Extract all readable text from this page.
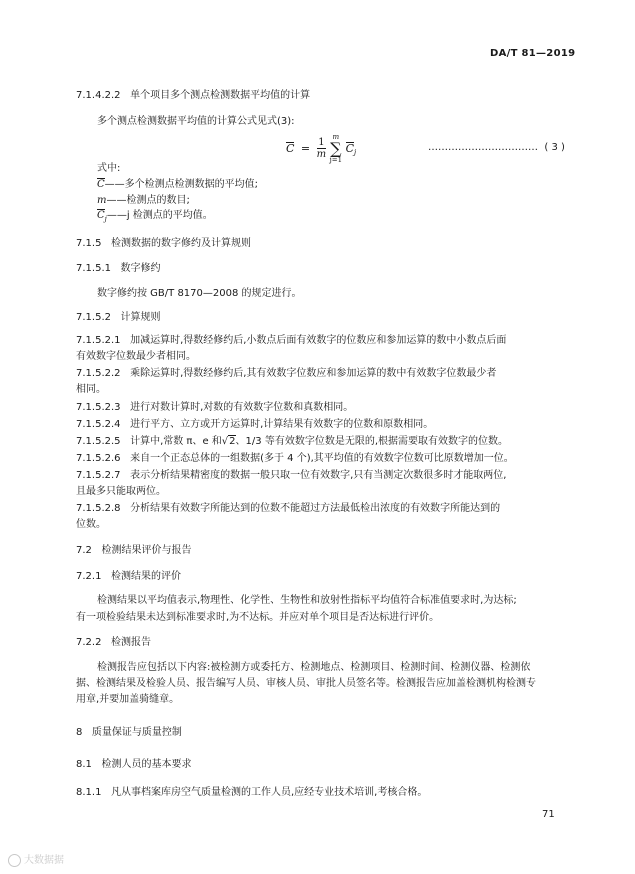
DA/T 81—2019
7.1.4.2.2 单个项目多个测点检测数据平均值的计算
多个测点检测数据平均值的计算公式见式(3):
$C = \frac{1}{m}$ m
∑
j=1 $C_j$	…………………………… ( 3 )
式中:
C——多个检测点检测数据的平均值;
m——检测点的数目;
$C_j——j$ 检测点的平均值。
7.1.5 检测数据的数字修约及计算规则
7.1.5.1 数字修约
数字修约按 GB/T 8170—2008 的规定进行。
7.1.5.2 计算规则
7.1.5.2.1 加减运算时,得数经修约后,小数点后面有效数字的位数应和参加运算的数中小数点后面
有效数字位数最少者相同。
7.1.5.2.2 乘除运算时,得数经修约后,其有效数字位数应和参加运算的数中有效数字位数最少者
相同。
7.1.5.2.3 进行对数计算时,对数的有效数字位数和真数相同。
7.1.5.2.4 进行平方、立方或开方运算时,计算结果有效数字的位数和原数相同。
7.1.5.2.5 计算中,常数 π、e 和√2、1/3 等有效数字位数是无限的,根据需要取有效数字的位数。
7.1.5.2.6 来自一个正态总体的一组数据(多于 4 个),其平均值的有效数字位数可比原数增加一位。
7.1.5.2.7 表示分析结果精密度的数据一般只取一位有效数字,只有当测定次数很多时才能取两位,
且最多只能取两位。
7.1.5.2.8 分析结果有效数字所能达到的位数不能超过方法最低检出浓度的有效数字所能达到的
位数。
7.2 检测结果评价与报告
7.2.1 检测结果的评价
检测结果以平均值表示,物理性、化学性、生物性和放射性指标平均值符合标准值要求时,为达标;
有一项检验结果未达到标准要求时,为不达标。并应对单个项目是否达标进行评价。
7.2.2 检测报告
检测报告应包括以下内容:被检测方或委托方、检测地点、检测项目、检测时间、检测仪器、检测依
据、检测结果及检验人员、报告编写人员、审核人员、审批人员签名等。检测报告应加盖检测机构检测专
用章,并要加盖骑缝章。
8 质量保证与质量控制
8.1 检测人员的基本要求
8.1.1 凡从事档案库房空气质量检测的工作人员,应经专业技术培训,考核合格。
71
大数据据
